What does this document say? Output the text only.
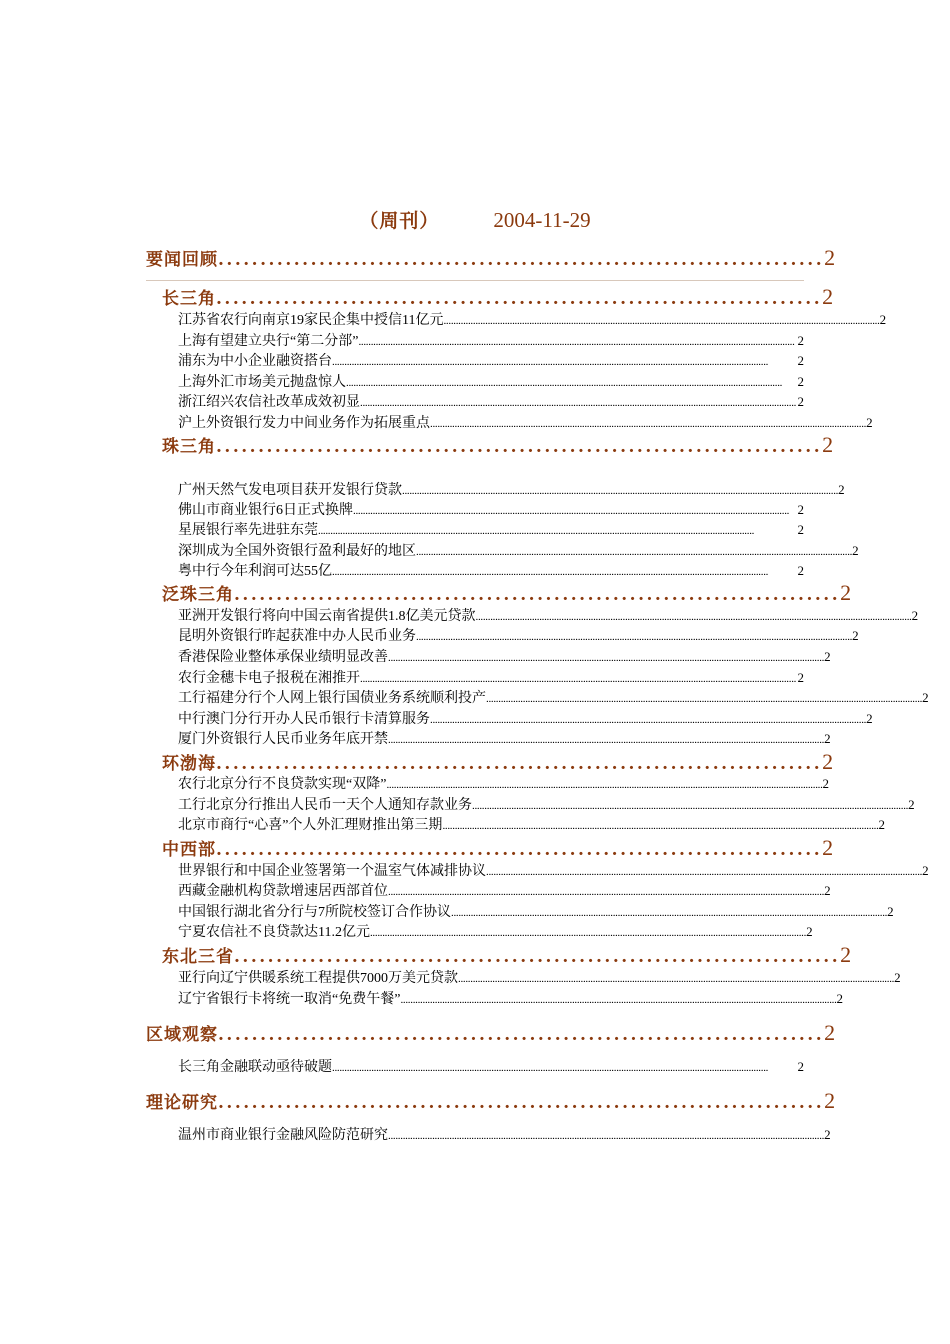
（周刊）	2004-11-29
要闻回顾 ........................................................................ 2
长三角 ........................................................................ 2
江苏省农行向南京19家民企集中授信11亿元 .................................................................................................................................................................................. 2
上海有望建立央行“第二分部” .................................................................................................................................................................................. 2
浦东为中小企业融资搭台 ..................................................................................................................................................................................	2
上海外汇市场美元抛盘惊人 ..................................................................................................................................................................................	2
浙江绍兴农信社改革成效初显 .................................................................................................................................................................................. 2
沪上外资银行发力中间业务作为拓展重点 .................................................................................................................................................................................. 2
珠三角 ........................................................................ 2
广州天然气发电项目获开发银行贷款 .................................................................................................................................................................................. 2
佛山市商业银行6日正式换牌 .................................................................................................................................................................................. 2
星展银行率先进驻东莞 ..................................................................................................................................................................................	2
深圳成为全国外资银行盈利最好的地区 .................................................................................................................................................................................. 2
粤中行今年利润可达55亿 ..................................................................................................................................................................................	2
泛珠三角 ........................................................................ 2
亚洲开发银行将向中国云南省提供1.8亿美元贷款 .................................................................................................................................................................................. 2
昆明外资银行昨起获准中办人民币业务 .................................................................................................................................................................................. 2
香港保险业整体承保业绩明显改善 .................................................................................................................................................................................. 2
农行金穗卡电子报税在湘推开 .................................................................................................................................................................................. 2
工行福建分行个人网上银行国债业务系统顺利投产 .................................................................................................................................................................................. 2
中行澳门分行开办人民币银行卡清算服务 .................................................................................................................................................................................. 2
厦门外资银行人民币业务年底开禁 .................................................................................................................................................................................. 2
环渤海 ........................................................................ 2
农行北京分行不良贷款实现“双降” .................................................................................................................................................................................. 2
工行北京分行推出人民币一天个人通知存款业务 .................................................................................................................................................................................. 2
北京市商行“心喜”个人外汇理财推出第三期 .................................................................................................................................................................................. 2
中西部 ........................................................................ 2
世界银行和中国企业签署第一个温室气体减排协议 .................................................................................................................................................................................. 2
西藏金融机构贷款增速居西部首位 .................................................................................................................................................................................. 2
中国银行湖北省分行与7所院校签订合作协议 .................................................................................................................................................................................. 2
宁夏农信社不良贷款达11.2亿元 .................................................................................................................................................................................. 2
东北三省 ........................................................................ 2
亚行向辽宁供暖系统工程提供7000万美元贷款 .................................................................................................................................................................................. 2
辽宁省银行卡将统一取消“免费午餐” .................................................................................................................................................................................. 2
区域观察 ........................................................................ 2
长三角金融联动亟待破题 ..................................................................................................................................................................................	2
理论研究 ........................................................................ 2
温州市商业银行金融风险防范研究 .................................................................................................................................................................................. 2
